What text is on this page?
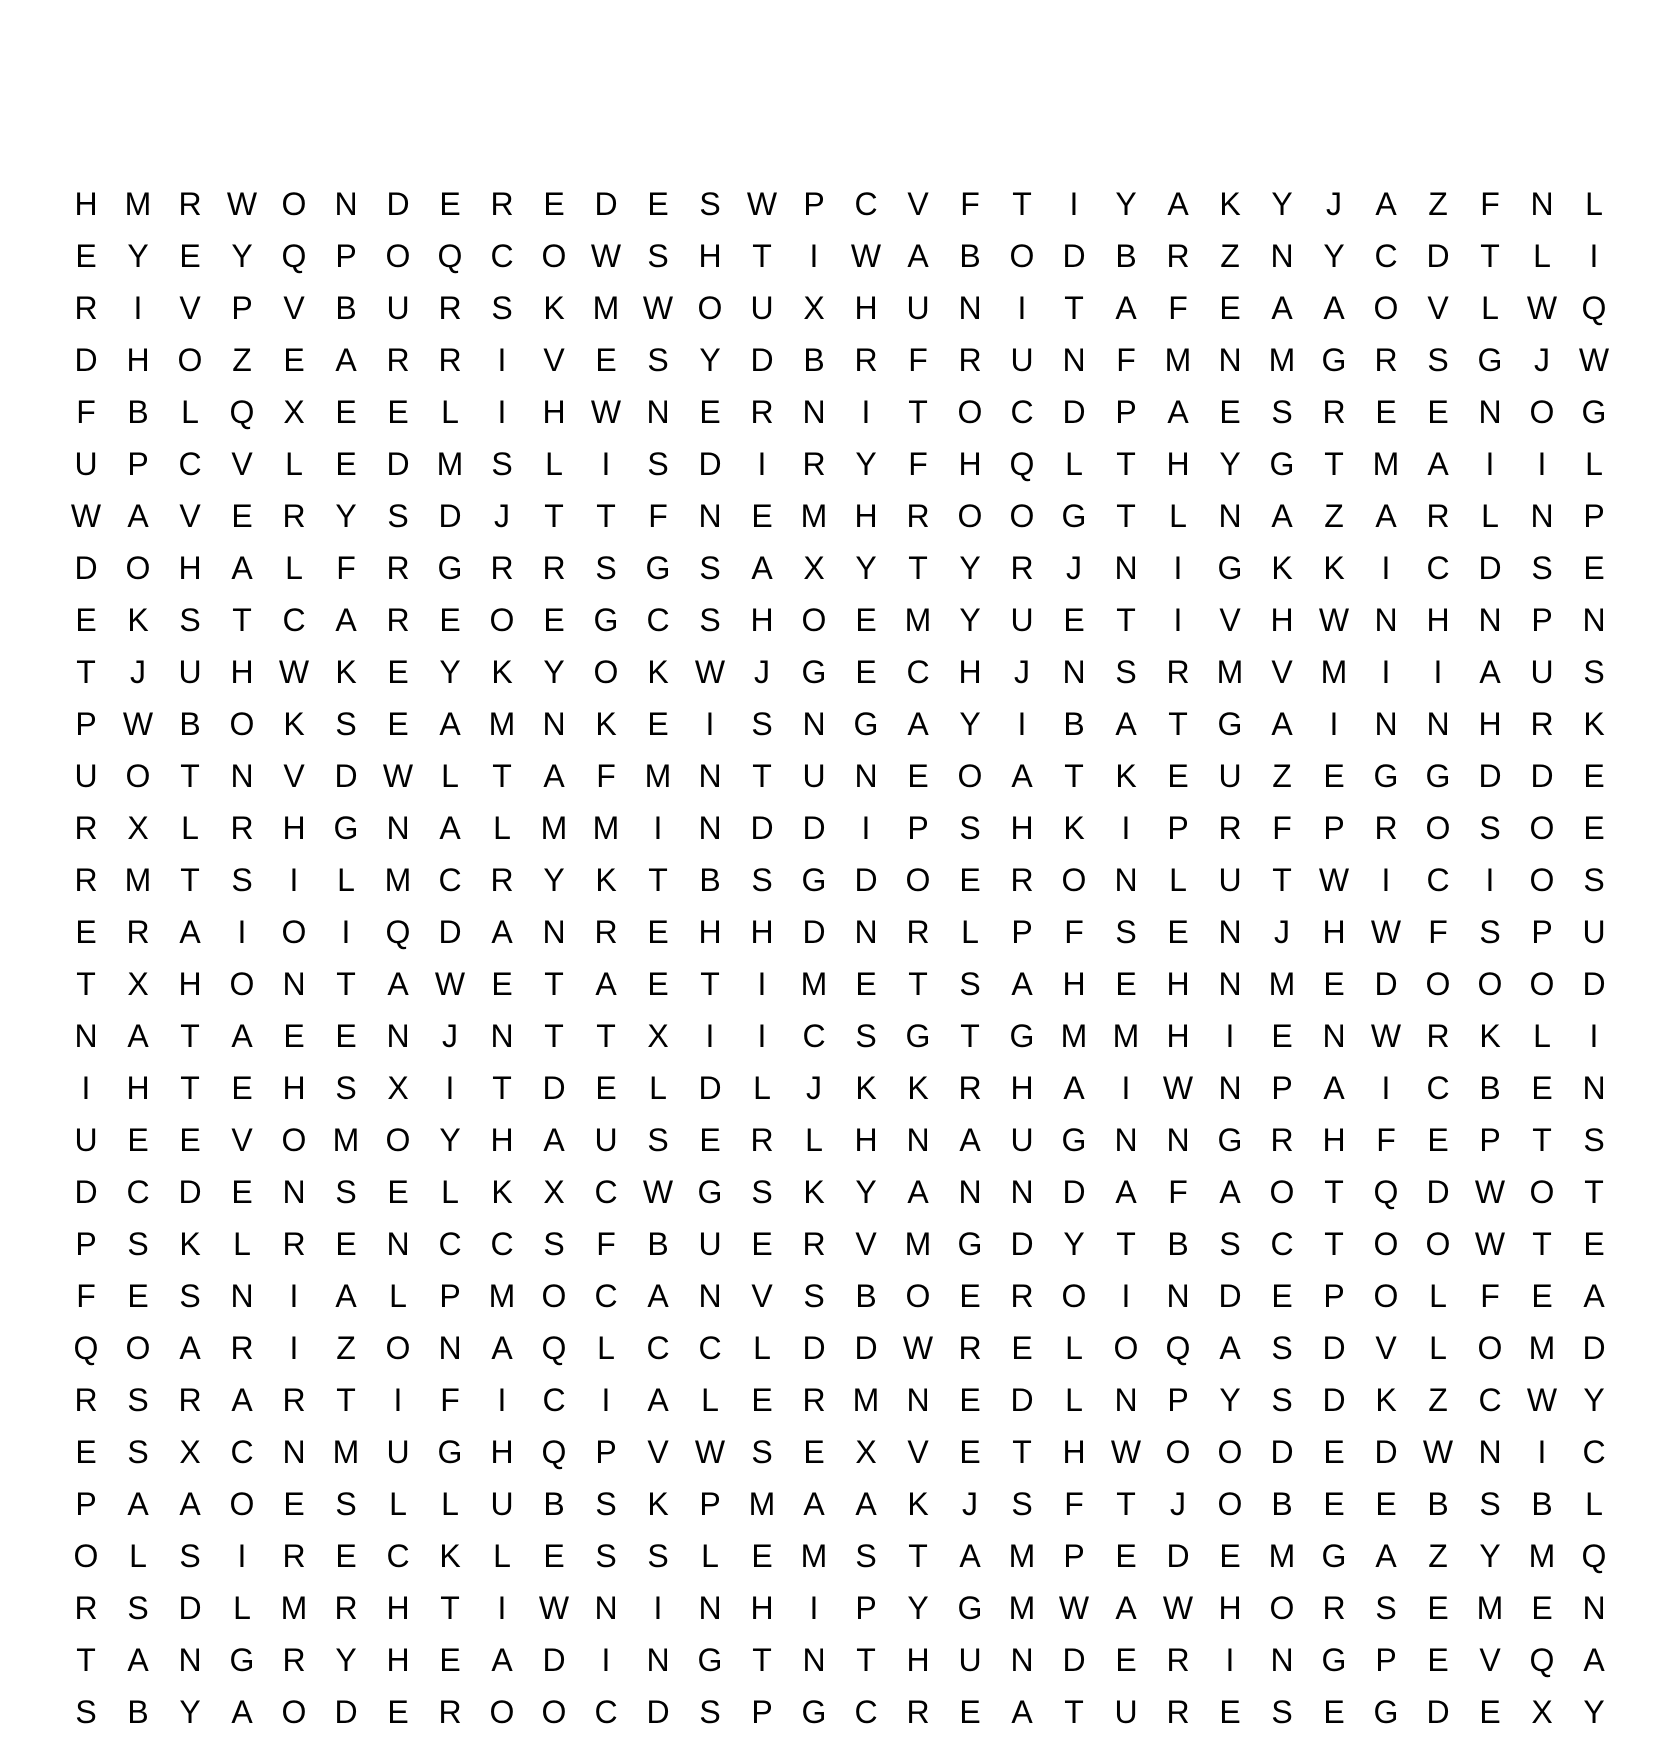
H M R W O N D E R E D E S W P C V F	T	I	Y A K Y	J	A Z	F N L
E Y E Y Q P O Q C O W S H T	I	W A B O D B R Z N Y C D T	L	I
R	I	V P V B U R S K M W O U X H U N	I	T A F E A A O V	L W Q
D H O Z E A R R	I	V E S Y D B R F R U N F M N M G R S G J W
F B	L Q X E E	L	I	H W N E R N	I	T O C D P A E S R E E N O G
U P C V	L	E D M S	L	I	S D	I	R Y F H Q L	T H Y G T M A	I	I	L
W A V E R Y S D	J	T	T	F N E M H R O O G T	L N A Z A R L N P
D O H A	L	F R G R R S G S A X Y T Y R	J	N	I	G K K	I	C D S E
E K S T C A R E O E G C S H O E M Y U E T	I	V H W N H N P N
T	J	U H W K E Y K Y O K W J G E C H	J	N S R M V M	I	I	A U S
P W B O K S E A M N K E	I	S N G A Y	I	B A T G A	I	N N H R K
U O T N V D W L	T A F M N T U N E O A T K E U Z E G G D D E
R X	L R H G N A	L M M	I	N D D	I	P S H K	I	P R F P R O S O E
R M T S	I	L M C R Y K T B S G D O E R O N L U T W	I	C	I	O S
E R A	I	O	I	Q D A N R E H H D N R L	P F S E N	J	H W F S P U
T X H O N T A W E T A E T	I	M E T S A H E H N M E D O O O D
N A T A E E N	J	N T	T X	I	I	C S G T G M M H	I	E N W R K	L	I
I	H T E H S X	I	T D E	L D L	J	K K R H A	I	W N P A	I	C B E N
U E E V O M O Y H A U S E R L H N A U G N N G R H F E P T S
D C D E N S E	L	K X C W G S K Y A N N D A F A O T Q D W O T
P S K	L R E N C C S F B U E R V M G D Y T B S C T O O W T E
F E S N	I	A	L	P M O C A N V S B O E R O	I	N D E P O L	F E A
Q O A R	I	Z O N A Q L C C L D D W R E	L O Q A S D V	L O M D
R S R A R T	I	F	I	C	I	A	L	E R M N E D L N P Y S D K Z C W Y
E S X C N M U G H Q P V W S E X V E T H W O O D E D W N	I	C
P A A O E S	L	L U B S K P M A A K	J	S F	T	J O B E E B S B	L
O L	S	I	R E C K	L	E S S	L	E M S T A M P E D E M G A Z Y M Q
R S D L M R H T	I	W N	I	N H	I	P Y G M W A W H O R S E M E N
T A N G R Y H E A D	I	N G T N T H U N D E R	I	N G P E V Q A
S B Y A O D E R O O C D S P G C R E A T U R E S E G D E X Y
